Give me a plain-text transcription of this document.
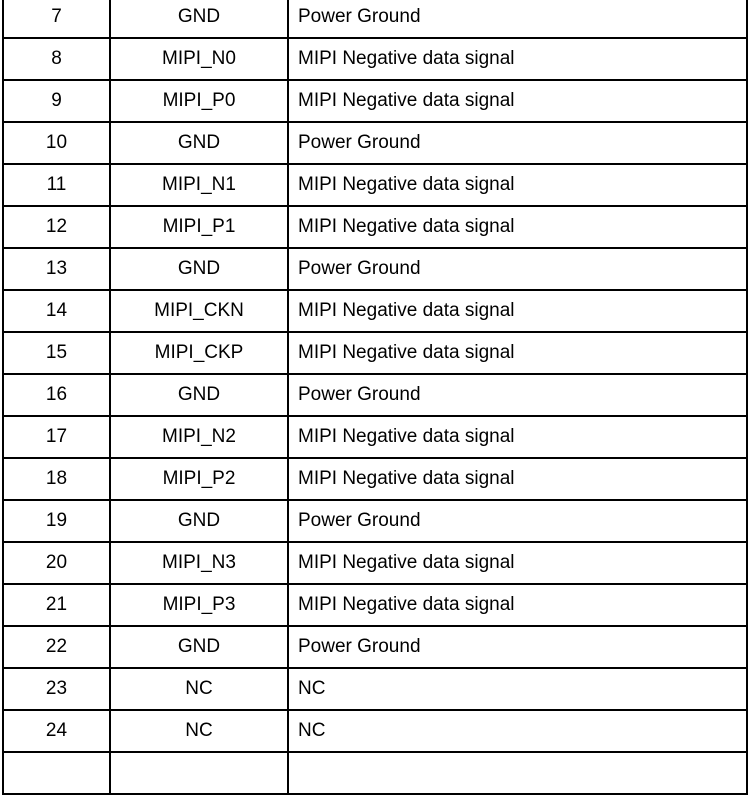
7	GND	Power Ground
8	MIPI_N0	MIPI Negative data signal
9	MIPI_P0	MIPI Negative data signal
10	GND	Power Ground
11	MIPI_N1	MIPI Negative data signal
12	MIPI_P1	MIPI Negative data signal
13	GND	Power Ground
14	MIPI_CKN	MIPI Negative data signal
15	MIPI_CKP	MIPI Negative data signal
16	GND	Power Ground
17	MIPI_N2	MIPI Negative data signal
18	MIPI_P2	MIPI Negative data signal
19	GND	Power Ground
20	MIPI_N3	MIPI Negative data signal
21	MIPI_P3	MIPI Negative data signal
22	GND	Power Ground
23	NC	NC
24	NC	NC
